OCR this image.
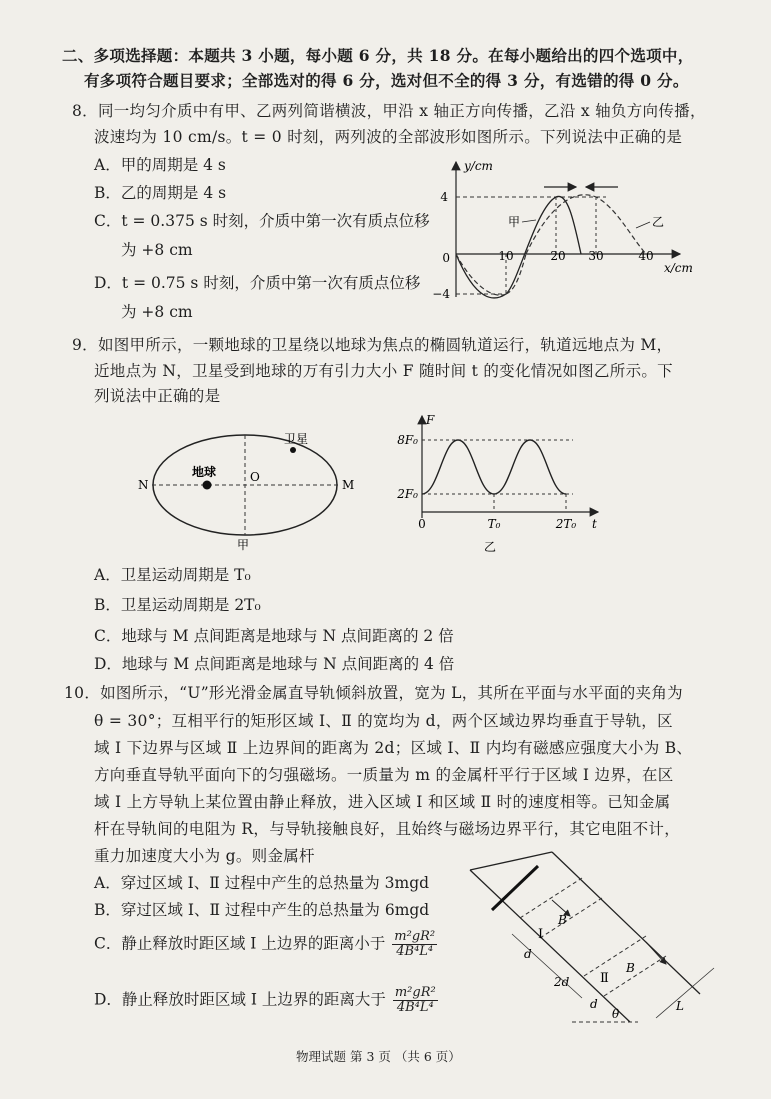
二、多项选择题：本题共 3 小题，每小题 6 分，共 18 分。在每小题给出的四个选项中，
有多项符合题目要求；全部选对的得 6 分，选对但不全的得 3 分，有选错的得 0 分。
8．同一均匀介质中有甲、乙两列简谐横波，甲沿 x 轴正方向传播，乙沿 x 轴负方向传播，
波速均为 10 cm/s。t = 0 时刻，两列波的全部波形如图所示。下列说法中正确的是
A．甲的周期是 4 s
B．乙的周期是 4 s
C．t = 0.375 s 时刻，介质中第一次有质点位移
为 +8 cm
D．t = 0.75 s 时刻，介质中第一次有质点位移
为 +8 cm
y/cm
x/cm
4
−4
0	10	20 30	40
甲	乙
9．如图甲所示，一颗地球的卫星绕以地球为焦点的椭圆轨道运行，轨道远地点为 M，
近地点为 N，卫星受到地球的万有引力大小 F 随时间 t 的变化情况如图乙所示。下
列说法中正确的是
地球	O
卫星
N	M
甲
F
8F₀
2F₀
0	T₀	2T₀ t
乙
A．卫星运动周期是 T₀
B．卫星运动周期是 2T₀
C．地球与 M 点间距离是地球与 N 点间距离的 2 倍
D．地球与 M 点间距离是地球与 N 点间距离的 4 倍
10．如图所示，“U”形光滑金属直导轨倾斜放置，宽为 L，其所在平面与水平面的夹角为
θ = 30°；互相平行的矩形区域 Ⅰ、Ⅱ 的宽均为 d，两个区域边界均垂直于导轨，区
域 Ⅰ 下边界与区域 Ⅱ 上边界间的距离为 2d；区域 Ⅰ、Ⅱ 内均有磁感应强度大小为 B、
方向垂直导轨平面向下的匀强磁场。一质量为 m 的金属杆平行于区域 Ⅰ 边界，在区
域 Ⅰ 上方导轨上某位置由静止释放，进入区域 Ⅰ 和区域 Ⅱ 时的速度相等。已知金属
杆在导轨间的电阻为 R，与导轨接触良好，且始终与磁场边界平行，其它电阻不计，
重力加速度大小为 g。则金属杆
A．穿过区域 Ⅰ、Ⅱ 过程中产生的总热量为 3mgd
B．穿过区域 Ⅰ、Ⅱ 过程中产生的总热量为 6mgd
C．静止释放时距区域 Ⅰ 上边界的距离小于 $\frac{\text{m²gR²}}{\text{4B⁴L⁴}}$
D．静止释放时距区域 Ⅰ 上边界的距离大于 $\frac{\text{m²gR²}}{\text{4B⁴L⁴}}$
B
B
Ⅰ
Ⅱ
d
2d
d
θ
L
物理试题 第 3 页 （共 6 页）
